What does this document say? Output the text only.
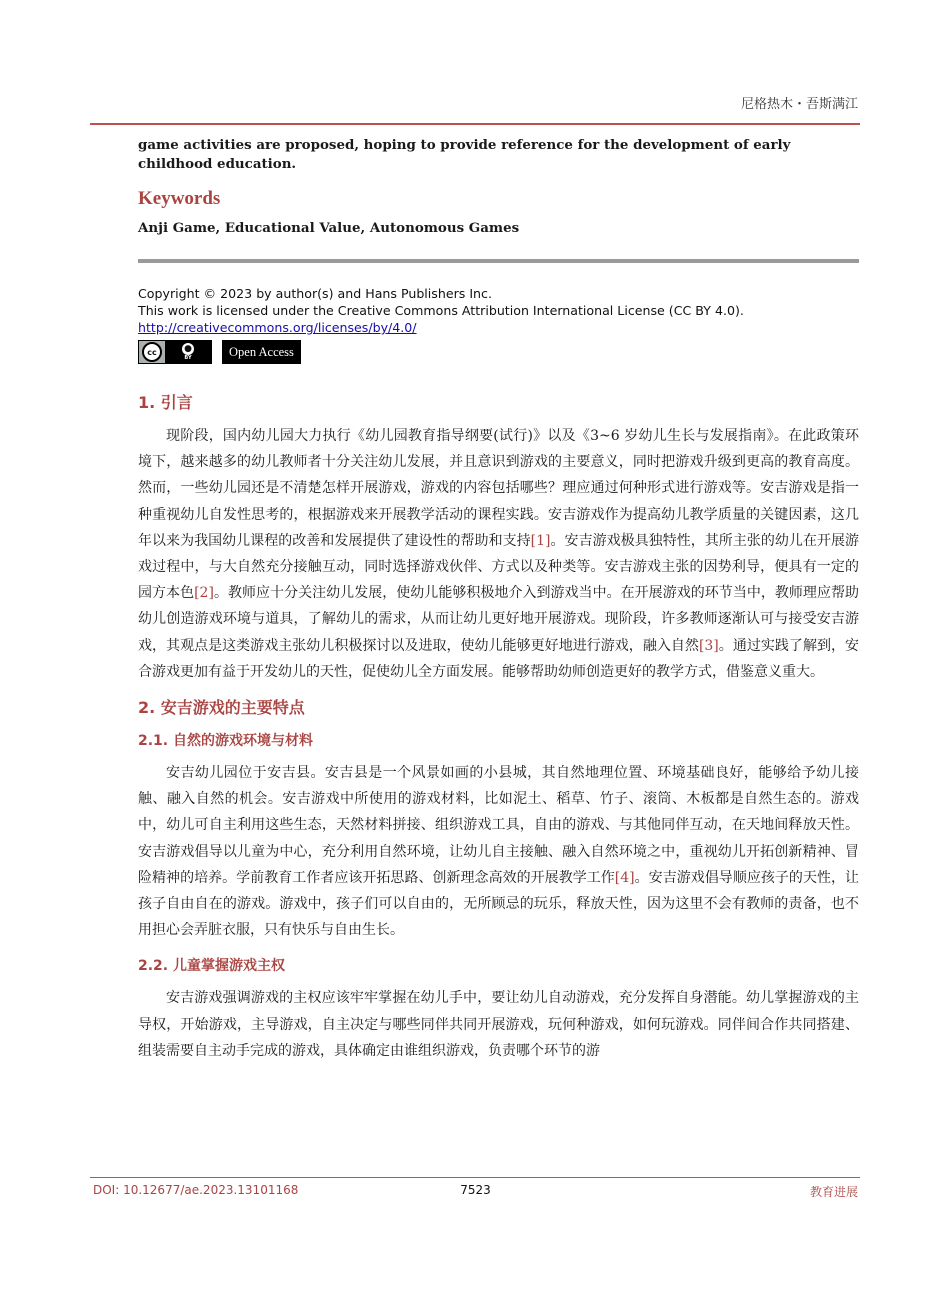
尼格热木・吾斯满江

game activities are proposed, hoping to provide reference for the development of early childhood education.

Keywords
Anji Game, Educational Value, Autonomous Games
Copyright © 2023 by author(s) and Hans Publishers Inc.
This work is licensed under the Creative Commons Attribution International License (CC BY 4.0).
http://creativecommons.org/licenses/by/4.0/
cc	●
BY	Open Access
1. 引言

现阶段，国内幼儿园大力执行《幼儿园教育指导纲要(试行)》以及《3~6 岁幼儿生长与发展指南》。在此政策环境下，越来越多的幼儿教师者十分关注幼儿发展，并且意识到游戏的主要意义，同时把游戏升级到更高的教育高度。然而，一些幼儿园还是不清楚怎样开展游戏，游戏的内容包括哪些？理应通过何种形式进行游戏等。安吉游戏是指一种重视幼儿自发性思考的，根据游戏来开展教学活动的课程实践。安吉游戏作为提高幼儿教学质量的关键因素，这几年以来为我国幼儿课程的改善和发展提供了建设性的帮助和支持[1]。安吉游戏极具独特性，其所主张的幼儿在开展游戏过程中，与大自然充分接触互动，同时选择游戏伙伴、方式以及种类等。安吉游戏主张的因势利导，便具有一定的园方本色[2]。教师应十分关注幼儿发展，使幼儿能够积极地介入到游戏当中。在开展游戏的环节当中，教师理应帮助幼儿创造游戏环境与道具，了解幼儿的需求，从而让幼儿更好地开展游戏。现阶段，许多教师逐渐认可与接受安吉游戏，其观点是这类游戏主张幼儿积极探讨以及进取，使幼儿能够更好地进行游戏，融入自然[3]。通过实践了解到，安合游戏更加有益于开发幼儿的天性，促使幼儿全方面发展。能够帮助幼师创造更好的教学方式，借鉴意义重大。

2. 安吉游戏的主要特点
2.1. 自然的游戏环境与材料

安吉幼儿园位于安吉县。安吉县是一个风景如画的小县城，其自然地理位置、环境基础良好，能够给予幼儿接触、融入自然的机会。安吉游戏中所使用的游戏材料，比如泥土、稻草、竹子、滚筒、木板都是自然生态的。游戏中，幼儿可自主利用这些生态，天然材料拼接、组织游戏工具，自由的游戏、与其他同伴互动，在天地间释放天性。安吉游戏倡导以儿童为中心，充分利用自然环境，让幼儿自主接触、融入自然环境之中，重视幼儿开拓创新精神、冒险精神的培养。学前教育工作者应该开拓思路、创新理念高效的开展教学工作[4]。安吉游戏倡导顺应孩子的天性，让孩子自由自在的游戏。游戏中，孩子们可以自由的，无所顾忌的玩乐，释放天性，因为这里不会有教师的责备，也不用担心会弄脏衣服，只有快乐与自由生长。

2.2. 儿童掌握游戏主权

安吉游戏强调游戏的主权应该牢牢掌握在幼儿手中，要让幼儿自动游戏，充分发挥自身潜能。幼儿掌握游戏的主导权，开始游戏，主导游戏，自主决定与哪些同伴共同开展游戏，玩何种游戏，如何玩游戏。同伴间合作共同搭建、组装需要自主动手完成的游戏，具体确定由谁组织游戏，负责哪个环节的游

DOI: 10.12677/ae.2023.13101168	7523	教育进展
